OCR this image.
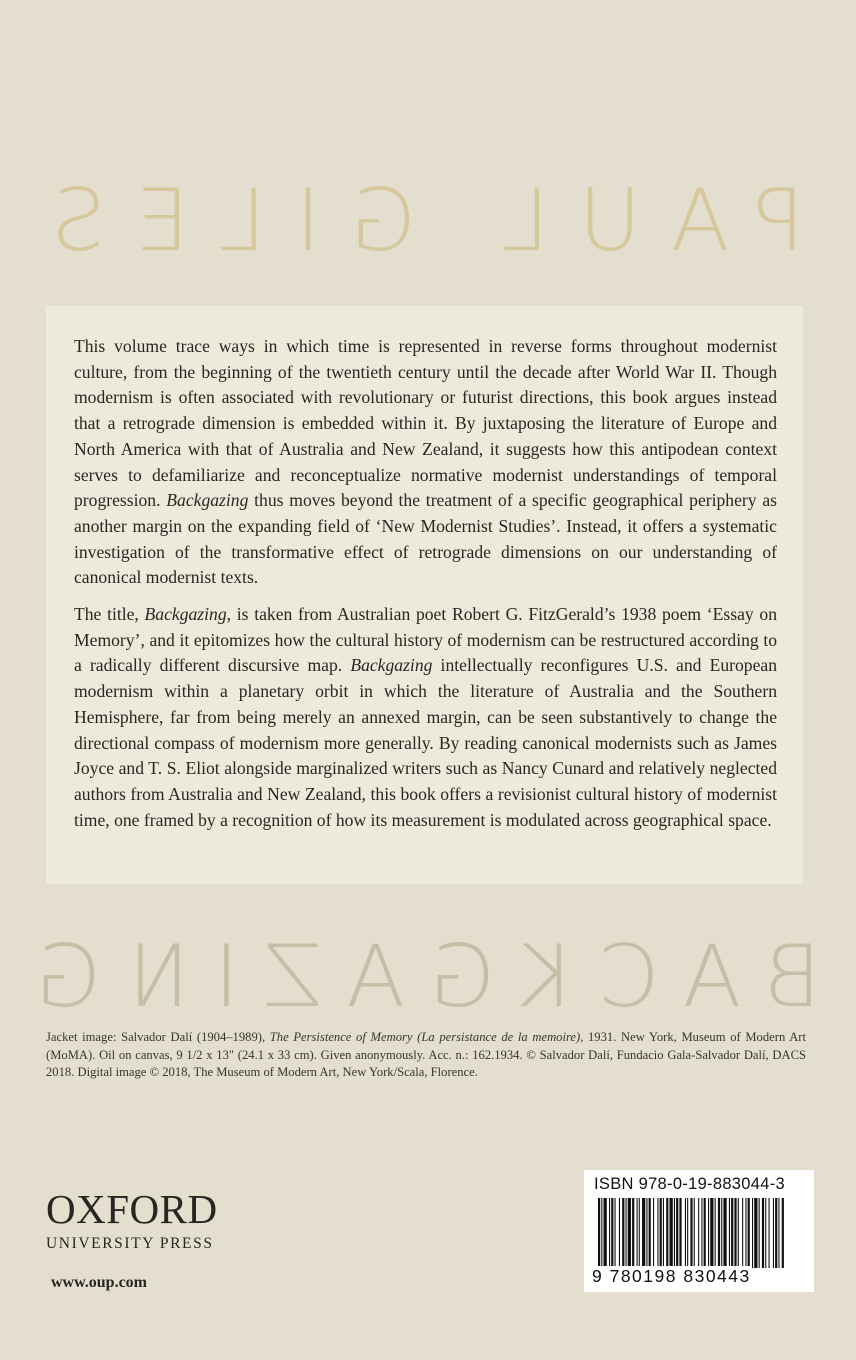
PAUL GILES

This volume trace ways in which time is represented in reverse forms throughout modernist culture, from the beginning of the twentieth century until the decade after World War II. Though modernism is often associated with revolutionary or futurist directions, this book argues instead that a retrograde dimension is embedded within it. By juxtaposing the literature of Europe and North America with that of Australia and New Zealand, it suggests how this antipodean context serves to defamiliarize and reconceptualize normative modernist understandings of temporal progression. Backgazing thus moves beyond the treatment of a specific geographical periphery as another margin on the expanding field of ‘New Modernist Studies’. Instead, it offers a systematic investigation of the transformative effect of retrograde dimensions on our understanding of canonical modernist texts.

The title, Backgazing, is taken from Australian poet Robert G. FitzGerald’s 1938 poem ‘Essay on Memory’, and it epitomizes how the cultural history of modernism can be restructured according to a radically different discursive map. Backgazing intellectually reconfigures U.S. and European modernism within a planetary orbit in which the literature of Australia and the Southern Hemisphere, far from being merely an annexed margin, can be seen substantively to change the directional compass of modernism more generally. By reading canonical modernists such as James Joyce and T. S. Eliot alongside marginalized writers such as Nancy Cunard and relatively neglected authors from Australia and New Zealand, this book offers a revisionist cultural history of modernist time, one framed by a recognition of how its measurement is modulated across geographical space.

BACKGAZING
Jacket image: Salvador Dalí (1904–1989), The Persistence of Memory (La persistance de la memoire), 1931. New York, Museum of Modern Art (MoMA). Oil on canvas, 9 1/2 x 13" (24.1 x 33 cm). Given anonymously. Acc. n.: 162.1934. © Salvador Dalí, Fundacio Gala-Salvador Dalí, DACS 2018. Digital image © 2018, The Museum of Modern Art, New York/Scala, Florence.
OXFORD
UNIVERSITY PRESS
www.oup.com
ISBN 978-0-19-883044-3
9 780198 830443
